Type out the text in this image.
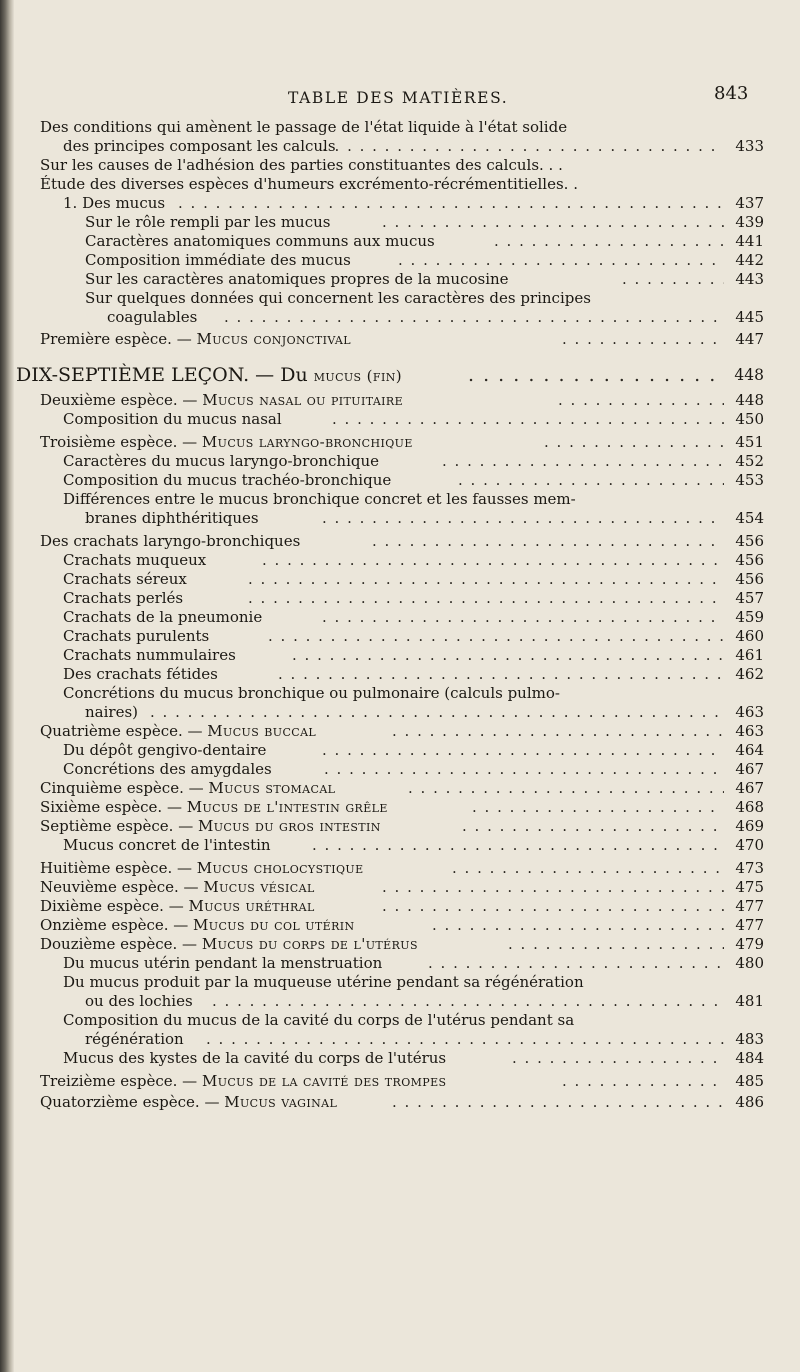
TABLE DES MATIÈRES.	843
Des conditions qui amènent le passage de l'état liquide à l'état solide
des principes composant les calculs . . .	433
Sur les causes de l'adhésion des parties constituantes des calculs. . .
Étude des diverses espèces d'humeurs excrémento-récrémentitielles. .
1. Des mucus . . .	437
Sur le rôle rempli par les mucus . . .	439
Caractères anatomiques communs aux mucus . . .	441
Composition immédiate des mucus . . .	442
Sur les caractères anatomiques propres de la mucosine . . .	443
Sur quelques données qui concernent les caractères des principes
coagulables . . .	445
Première espèce. — Mucus conjonctival . . .	447
DIX-SEPTIÈME LEÇON. — Du mucus (fin) . . .	448
Deuxième espèce. — Mucus nasal ou pituitaire . . .	448
Composition du mucus nasal . . .	450
Troisième espèce. — Mucus laryngo-bronchique . . .	451
Caractères du mucus laryngo-bronchique . . .	452
Composition du mucus trachéo-bronchique . . .	453
Différences entre le mucus bronchique concret et les fausses mem-
branes diphthéritiques . . .	454
Des crachats laryngo-bronchiques . . .	456
Crachats muqueux . . .	456
Crachats séreux . . .	456
Crachats perlés . . .	457
Crachats de la pneumonie . . .	459
Crachats purulents . . .	460
Crachats nummulaires . . .	461
Des crachats fétides . . .	462
Concrétions du mucus bronchique ou pulmonaire (calculs pulmo-
naires) . . .	463
Quatrième espèce. — Mucus buccal . . .	463
Du dépôt gengivo-dentaire . . .	464
Concrétions des amygdales . . .	467
Cinquième espèce. — Mucus stomacal . . .	467
Sixième espèce. — Mucus de l'intestin grêle . . .	468
Septième espèce. — Mucus du gros intestin . . .	469
Mucus concret de l'intestin . . .	470
Huitième espèce. — Mucus cholocystique . . .	473
Neuvième espèce. — Mucus vésical . . .	475
Dixième espèce. — Mucus uréthral . . .	477
Onzième espèce. — Mucus du col utérin . . .	477
Douzième espèce. — Mucus du corps de l'utérus . . .	479
Du mucus utérin pendant la menstruation . . .	480
Du mucus produit par la muqueuse utérine pendant sa régénération
ou des lochies . . .	481
Composition du mucus de la cavité du corps de l'utérus pendant sa
régénération . . .	483
Mucus des kystes de la cavité du corps de l'utérus . . .	484
Treizième espèce. — Mucus de la cavité des trompes . . .	485
Quatorzième espèce. — Mucus vaginal . . .	486
